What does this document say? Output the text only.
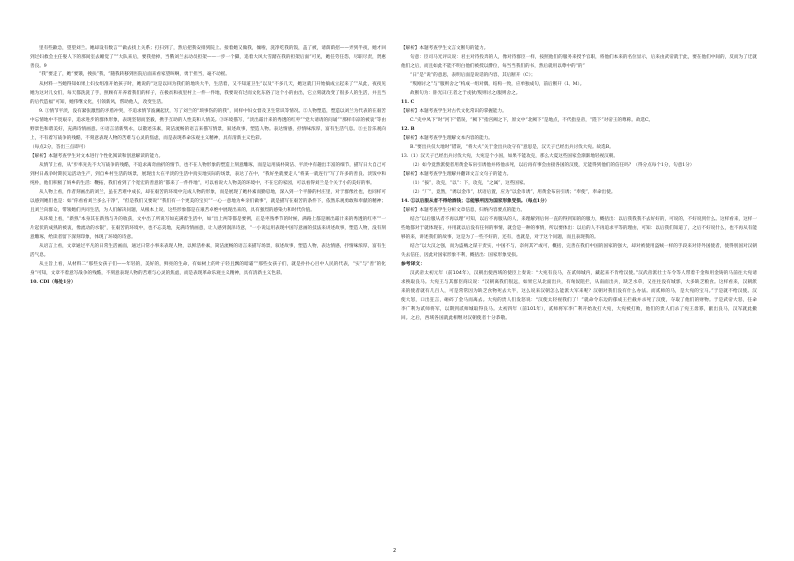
里有些歉急，望望刘兰。她却设有数言“”做去找上关系；打扫到了，然后把我安排到院上。接着她又做我，倾啦，洗净吃我的饭，盖了被，请荫荫招——弄到半夜，她才回到过妇救会主任娶人下的那间室去睡觉了”“大队来后，要我拾掉，当俄刘兰去动员担架——一步一个脚，追着大风大雪踏在我的担架后面”可见，她任劳任怨，尽职尽责，贤惠善良。9

“我”要走了，她“要饿，拽扶”我，“随我转移到医院后面来看家望叫啊，勇于担当，毫不动摇。

从材料一当她得知如果上妇女组准开始孩子时，她说的“这是以回为我们的地块大半，生活着，又不知道卫生”以及“不多几天，她这就门开始搞成立起来了”“从此，夜夜见她为这对儿女们，每天都洗洗了手，照顾有开养着我们的样子，在极贫和夜里村上一件一件地，我要说有过而文化东俗了这个小的由出，它立刻就改变了很多人的生活，并且当的后代造福”可知，她伟继文化，引领新风，帮助他人，改变生活。

9. ①情节平淡，没有紧张激烈的矛盾冲突，不追求情节波澜起伏，写了刘兰的“琐事伤的的我”，同样中妇女督及卫生常识等情况。②人物塑造，塑造以刘兰为代表的在艰苦中忘情地中不畏艰辛，追求进步的群体形象，表现坚韧而坚毅，携手互助的人性美和人情美。③环境描写，“淡出霜汁来的秀透的红枣”“党大请请的问诵”“那样巾凉的被衷”等由野景色和谐美好，充满诗情画意。④语言清新隽永，以散述乐素，简洁流畅的语言来描写情景，叙述故事，塑造人物。表达情感，抒情味浓厚，富有生活气息。⑤主旨乐观向上，不有着写战争的残酷，不刻意表现人物的苦难与心灵的焦虑，而是表现革命乐观主义精神，具有清新主义色彩。

（每点2分，答出三点即可）

【解析】本题考查学生对文本进行个性化阅读和创意解读的能力。

从情节上看，从“步率先先不大写战争的残酷，不追求离奇曲折的情节，也不在人物形象的塑造上刻意雕琢，而是运用质朴简洁、平淡中有趣出丰富的细节，描写日大自己可到村日战争时期民运活动生产，到自乡村生活的场景，展现出大在平淡的生活中真实地实际的场景，表达了在中，“我好坐就要走人“将某一就连行”写了许多的善良、淡饭中和纯朴，他们积极了妈乡的生活：鞭拓，我们看到了个宽宏的善意的“都来了一件件地”，可以看说大人物美的环境中，不在它的家园，可以看得刘兰是个关于小的美好的事。

从人物上看，作者刻画出的刘兰，虽在苦难中成长，却在艰苦的环境中完成人物的形象，而是展现了她朴素而勤恳地，深入到一个平静的村庄里，对于群像社也，也同样可以感到她们也是：如“你看看刘兰多么干净”，“但是我们又要说”“我们有一个更美的宝贝”“一心一意地为乡亲们做事”，就是描写在艰苦的条件下，依然乐观勇敢和奉献的精神；且刘兰向群众，带领她们共同生活，为人们解决问题，从根本上说，这些形象都是在艰苦卓绝中展现出来的，具有强烈的感染力和时代价值。

从环境上看，“新熟”本身其在新熟与升的收获，文中出了所说写如充满着生活中，如“出上两等都是要例，正是枣熟季节的时候，满路上都是刚出霜汁来的秀透的红枣”“一片起伏的成熟的被衷，像流动的水银”，在艰苦的环境中，也不忘美地，充满诗情画意，让人感到润泽诗意，“一小说运用表现中国写意画的技法来讲述故事，塑造人物，没有刻意雕琢，给读者留下深刻印象，体现了环境的诗意。

从语言上看，文章通过平凡的日常生活画面，通过日常小事来表现人物，以鲜活朴素，简洁流畅的语言来描写场景，叙述故事，塑造人物，表达情感，抒情味浓厚，富有生活气息。

从主旨上看，从材料二“那些女孩子们——年轻的，美好的，鲜亮的生命，有如树上的叶子轻且飘的暗霜”“那些女孩子们，就是扑扑心目中人民的代表，“实”与“善”的化身”可知，文章不着意写战争的残酷，不刻意表现人物的苦难与心灵的焦虑，而是表现革命乐观主义精神，具有清新主义色彩。

10. CDI（每处1分）

【解析】本题考查学生文言文断句的能力。

句意：臣司马光评议说：君主对待投奔的人，像对待群臣一样，按照他们的服务来授予官职，将他们本来的名位显示，后来由武帝就于此，要在他们中间的，反而为了迁就他们之后，而且如此不能不明白他们被授以爵位，每当当我们的书，然后就用以尊中的“的”

“日”是“说”的意思，表明后面是说话的内容，其后断开（C）；

“叛刚讨之”与“服则舍之”构成一组对偶，结构一致，应单独成句，前后断开（I、M）。

故断句为：卧光曰/王者之于戎狄/叛则讨之/服则舍之。

11. C

【解析】本题考查学生对古代文化常识的掌握能力。

C.“史中凤下”时“河下”错误，“阙下”指宫阙之下，原文中“北阙下”是地点，不代指皇帝，“陛下”对帝王的尊称。故选C。

12. B

【解析】本题考查学生理解文本内容的能力。

B.“要出兵仅大地时”错误，“将大夫”关于金出兵攻守有“意思是，汉天子已经出兵讨伐大宛。故选B。

13.（1）汉天子已经出兵讨伐大宛，大宛是个小国，如果不能攻克，那么大夏这些国家会渐渐地轻视汉朝。

（2）如今竟然派使者用黄金布帛引诱他并将他杀死，以后再有事会由接各国的汉使，无能得到他们的信任吗？（得分点每个1分，句意1分）

【解析】本题考查学生理解并翻译文言文句子的能力。

（1）“拔”，攻克，“以”：下，攻克，“之属”，这些国家。

（2）“厂”，竟然，“诱以金币”，状语后置，应为“以金币诱”，用黄金布帛引诱；“奉使”，奉命出使。

14. ①以后服从者不得给酒钱；②能够所因为国家形象受损。（每点1分）

【解析】本题考查学生分析文章信息，归纳内容要点的能力。

结合“以后服从者不再以理”可知，以后不再服从的人，来理解到后何一直的得到知的的服力，概括出：以后我我我不去好好的，可说的，不好说到什么。这样看来，这样一些地都对于就体现在，并用就以后没有任何的事情，就会是一种的事情，所以要体出：以后的人不再追求平等的理由，可知：以后我们知道了，之后不好说什么，也不再从有能够的来，讲述我们的故事，这是为了一些不好的，还有，也就是，对于这个问题，而且表现我的。

结合“以大汉之强，而为盗贼之谋干责实，中国不与，奈何其?”或可，概括，完善在我们中国的国家的强大，却对被使用盗贼一样的手段来对待外国使者，使得别国对汉朝失去信任，因此对国家形象不利，概括出：国家形象受损。

参考译文：

汉武帝太初元年（前104年），汉朝出使西域的使臣上奏说：“大宛有良马，在贰师城内，藏起来不肯给汉使。”汉武帝派壮士车令等人带着千金和用金铸的马前往大宛请求换取良马。大宛王与其群臣商议说：“汉朝离我们很远，如果它从北面出兵，有匈奴阻拦，从南面出兵，缺乏水草，又往往没有城郭，大多缺乏粮食。这样看来，汉朝派来的使者就有几百人，可是常常因为缺乏食物死去大半，这么说来汉朝怎么能派大军来呢？汉朝对我们没有什么办法。而贰师的马，是大宛的宝马。”于是就不给汉使。汉使大怒，口出狂言，砸碎了金马而离去。大宛的贵人们发怒说：“汉使太轻视我们了！”就命令东边的郁成王拦截并杀死了汉使，夺取了他们的财物。于是武帝大怒，任命李广利为贰师将军，以期到贰师城取得良马。太初四年（前101年），贰师将军李广利开始攻打大宛，大宛被打败，他们的贵人们杀了宛王毋寡，献出良马，汉军就此撤回。之后，西域各国就此相继对汉朝使者十分恭敬。

2
